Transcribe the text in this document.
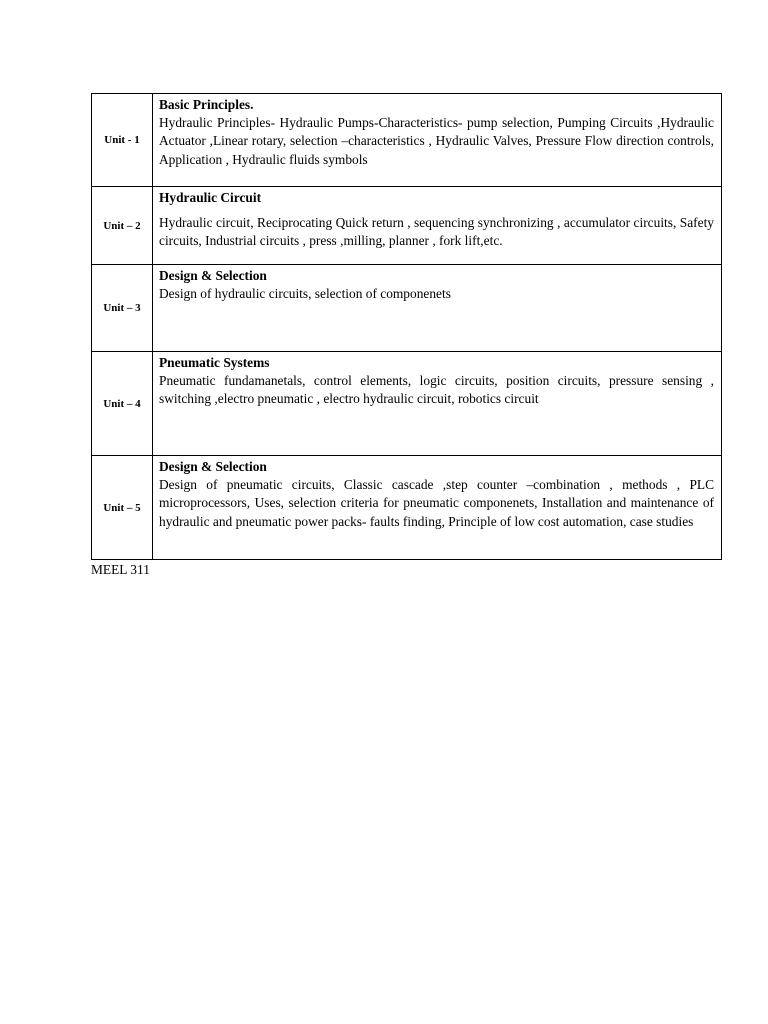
Unit - 1	Basic Principles.
Hydraulic Principles- Hydraulic Pumps-Characteristics- pump selection, Pumping Circuits ,Hydraulic Actuator ,Linear rotary, selection –characteristics , Hydraulic Valves, Pressure Flow direction controls, Application , Hydraulic fluids symbols

Unit – 2	Hydraulic Circuit
Hydraulic circuit, Reciprocating Quick return , sequencing synchronizing , accumulator circuits, Safety circuits, Industrial circuits , press ,milling, planner , fork lift,etc.

Unit – 3	Design & Selection
Design of hydraulic circuits, selection of componenets

Unit – 4	Pneumatic Systems
Pneumatic fundamanetals, control elements, logic circuits, position circuits, pressure sensing , switching ,electro pneumatic , electro hydraulic circuit, robotics circuit

Unit – 5	Design & Selection
Design of pneumatic circuits, Classic cascade ,step counter –combination , methods , PLC microprocessors, Uses, selection criteria for pneumatic componenets, Installation and maintenance of hydraulic and pneumatic power packs- faults finding, Principle of low cost automation, case studies
MEEL 311
